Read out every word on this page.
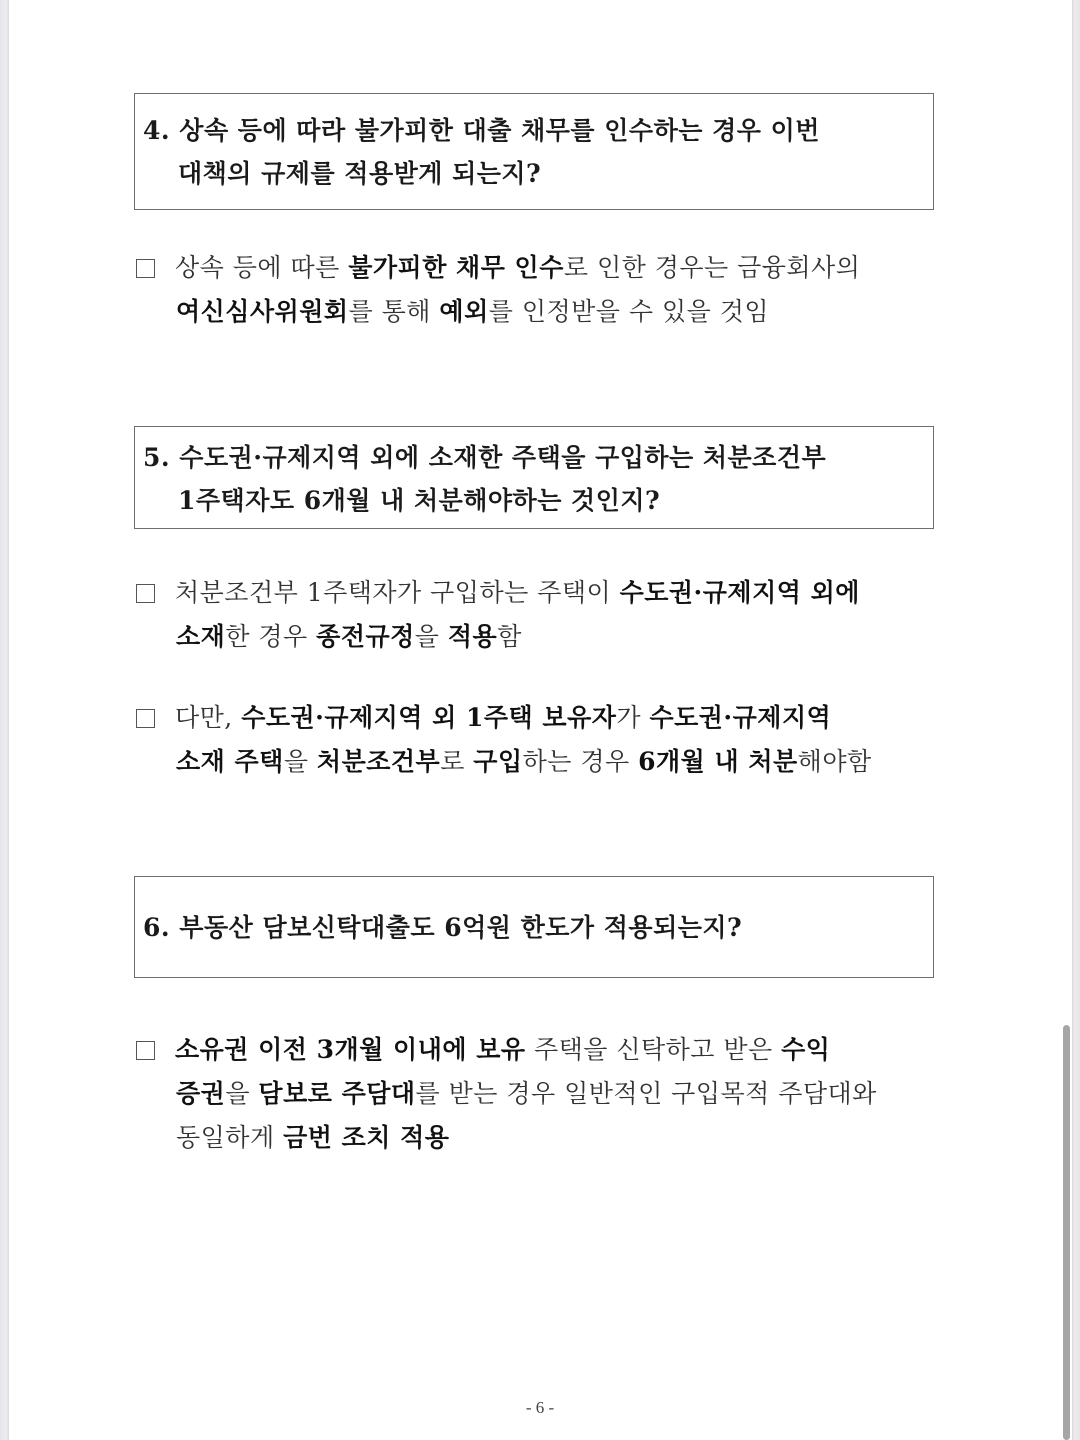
4. 상속 등에 따라 불가피한 대출 채무를 인수하는 경우 이번
대책의 규제를 적용받게 되는지?
상속 등에 따른 불가피한 채무 인수로 인한 경우는 금융회사의
여신심사위원회를 통해 예외를 인정받을 수 있을 것임
5. 수도권·규제지역 외에 소재한 주택을 구입하는 처분조건부
1주택자도 6개월 내 처분해야하는 것인지?
처분조건부 1주택자가 구입하는 주택이 수도권·규제지역 외에
소재한 경우 종전규정을 적용함
다만, 수도권·규제지역 외 1주택 보유자가 수도권·규제지역
소재 주택을 처분조건부로 구입하는 경우 6개월 내 처분해야함
6. 부동산 담보신탁대출도 6억원 한도가 적용되는지?
소유권 이전 3개월 이내에 보유 주택을 신탁하고 받은 수익
증권을 담보로 주담대를 받는 경우 일반적인 구입목적 주담대와
동일하게 금번 조치 적용
- 6 -
